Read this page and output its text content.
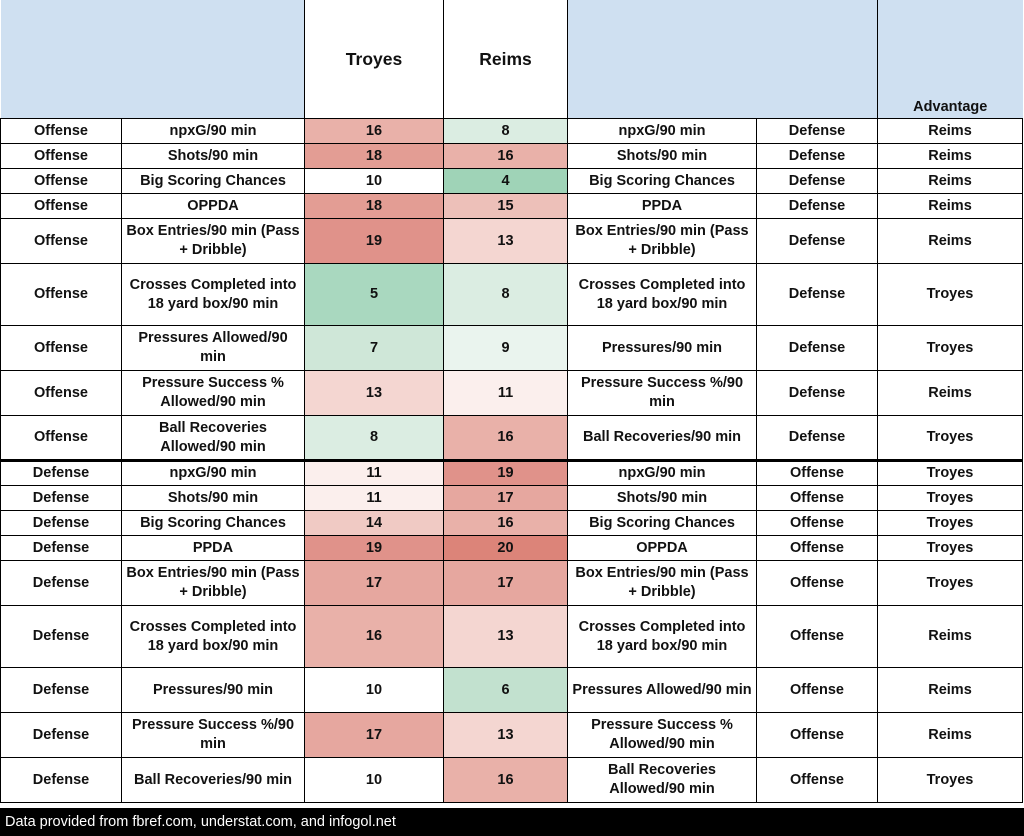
		Troyes	Reims			Advantage
Offense	npxG/90 min	16	8	npxG/90 min	Defense	Reims
Offense	Shots/90 min	18	16	Shots/90 min	Defense	Reims
Offense	Big Scoring Chances	10	4	Big Scoring Chances	Defense	Reims
Offense	OPPDA	18	15	PPDA	Defense	Reims
Offense	Box Entries/90 min (Pass + Dribble)	19	13	Box Entries/90 min (Pass + Dribble)	Defense	Reims
Offense	Crosses Completed into 18 yard box/90 min	5	8	Crosses Completed into 18 yard box/90 min	Defense	Troyes
Offense	Pressures Allowed/90 min	7	9	Pressures/90 min	Defense	Troyes
Offense	Pressure Success % Allowed/90 min	13	11	Pressure Success %/90 min	Defense	Reims
Offense	Ball Recoveries Allowed/90 min	8	16	Ball Recoveries/90 min	Defense	Troyes
Defense	npxG/90 min	11	19	npxG/90 min	Offense	Troyes
Defense	Shots/90 min	11	17	Shots/90 min	Offense	Troyes
Defense	Big Scoring Chances	14	16	Big Scoring Chances	Offense	Troyes
Defense	PPDA	19	20	OPPDA	Offense	Troyes
Defense	Box Entries/90 min (Pass + Dribble)	17	17	Box Entries/90 min (Pass + Dribble)	Offense	Troyes
Defense	Crosses Completed into 18 yard box/90 min	16	13	Crosses Completed into 18 yard box/90 min	Offense	Reims
Defense	Pressures/90 min	10	6	Pressures Allowed/90 min	Offense	Reims
Defense	Pressure Success %/90 min	17	13	Pressure Success % Allowed/90 min	Offense	Reims
Defense	Ball Recoveries/90 min	10	16	Ball Recoveries Allowed/90 min	Offense	Troyes
Data provided from fbref.com, understat.com, and infogol.net
